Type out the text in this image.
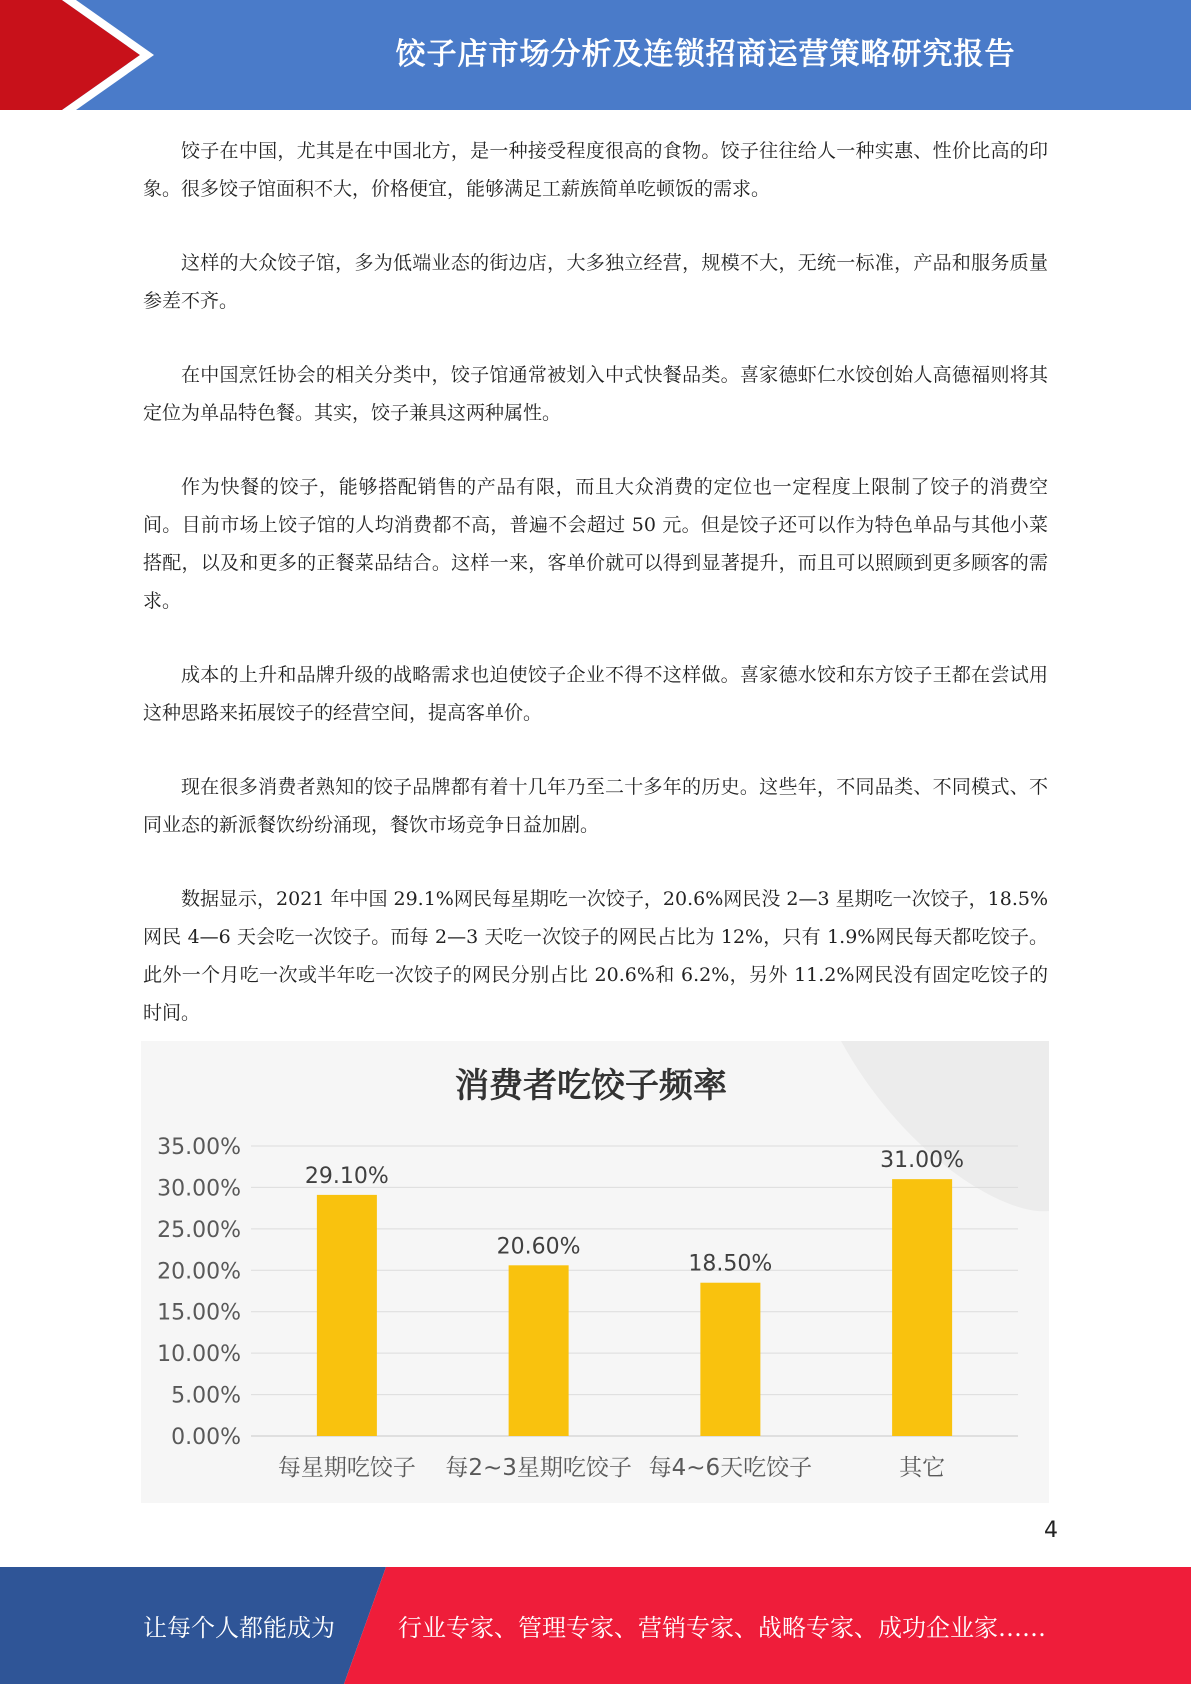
饺子店市场分析及连锁招商运营策略研究报告

饺子在中国，尤其是在中国北方，是一种接受程度很高的食物。饺子往往给人一种实惠、性价比高的印象。很多饺子馆面积不大，价格便宜，能够满足工薪族简单吃顿饭的需求。

这样的大众饺子馆，多为低端业态的街边店，大多独立经营，规模不大，无统一标准，产品和服务质量参差不齐。

在中国烹饪协会的相关分类中，饺子馆通常被划入中式快餐品类。喜家德虾仁水饺创始人高德福则将其定位为单品特色餐。其实，饺子兼具这两种属性。

作为快餐的饺子，能够搭配销售的产品有限，而且大众消费的定位也一定程度上限制了饺子的消费空间。目前市场上饺子馆的人均消费都不高，普遍不会超过 50 元。但是饺子还可以作为特色单品与其他小菜搭配，以及和更多的正餐菜品结合。这样一来，客单价就可以得到显著提升，而且可以照顾到更多顾客的需求。

成本的上升和品牌升级的战略需求也迫使饺子企业不得不这样做。喜家德水饺和东方饺子王都在尝试用这种思路来拓展饺子的经营空间，提高客单价。

现在很多消费者熟知的饺子品牌都有着十几年乃至二十多年的历史。这些年，不同品类、不同模式、不同业态的新派餐饮纷纷涌现，餐饮市场竞争日益加剧。

数据显示，2021 年中国 29.1%网民每星期吃一次饺子，20.6%网民没 2—3 星期吃一次饺子，18.5%网民 4—6 天会吃一次饺子。而每 2—3 天吃一次饺子的网民占比为 12%，只有 1.9%网民每天都吃饺子。此外一个月吃一次或半年吃一次饺子的网民分别占比 20.6%和 6.2%，另外 11.2%网民没有固定吃饺子的时间。

消费者吃饺子频率
0.00%
5.00%
10.00%
15.00%
20.00%
25.00%
30.00%
35.00%
29.10%
每星期吃饺子
20.60%
每2~3星期吃饺子
18.50%
每4~6天吃饺子
31.00%
其它
4
让每个人都能成为	行业专家、管理专家、营销专家、战略专家、成功企业家……
